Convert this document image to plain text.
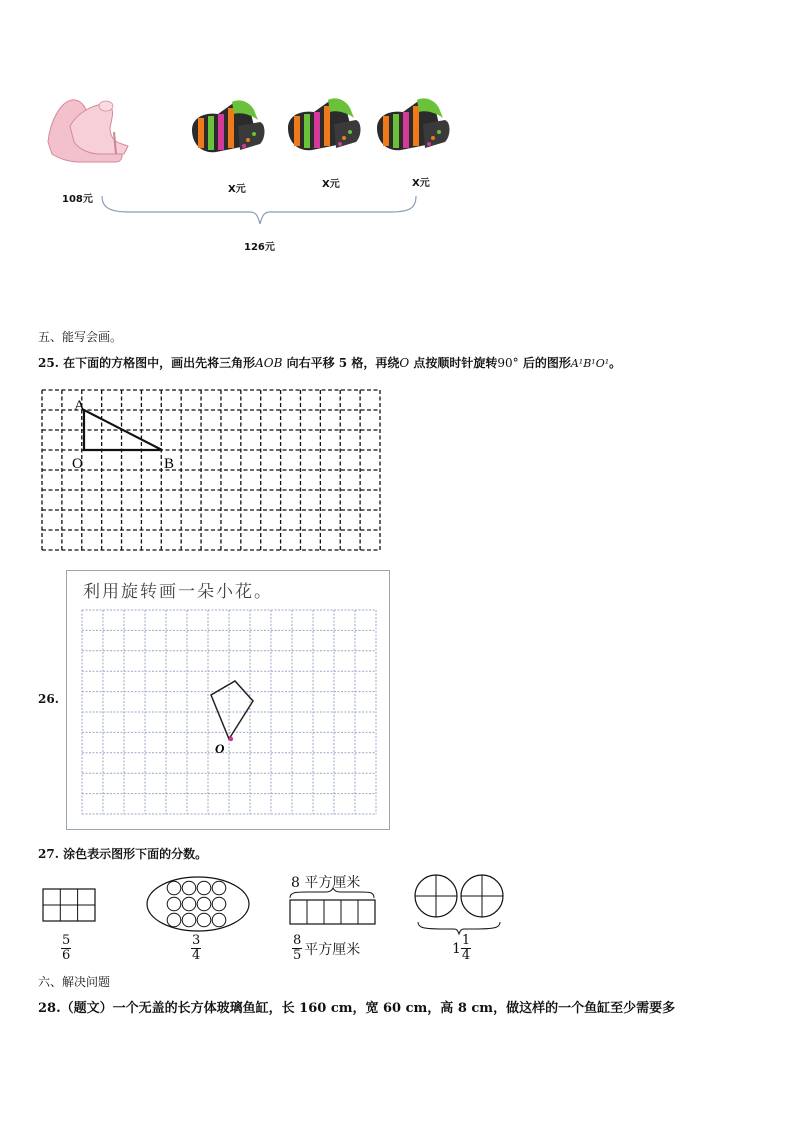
108元
X元	X元	X元
126元
五、能写会画。
25. 在下面的方格图中，画出先将三角形AOB 向右平移 5 格，再绕O 点按顺时针旋转90° 后的图形A¹B¹O¹。
A
O	B
26.
利用旋转画一朵小花。
O
27. 涂色表示图形下面的分数。
5
6
3
4
8 平方厘米
$\frac{8}{5}$ 平方厘米	$1 \frac{1}{4}$
六、解决问题
28.（题文）一个无盖的长方体玻璃鱼缸，长 160 cm，宽 60 cm，高 8 cm，做这样的一个鱼缸至少需要多
